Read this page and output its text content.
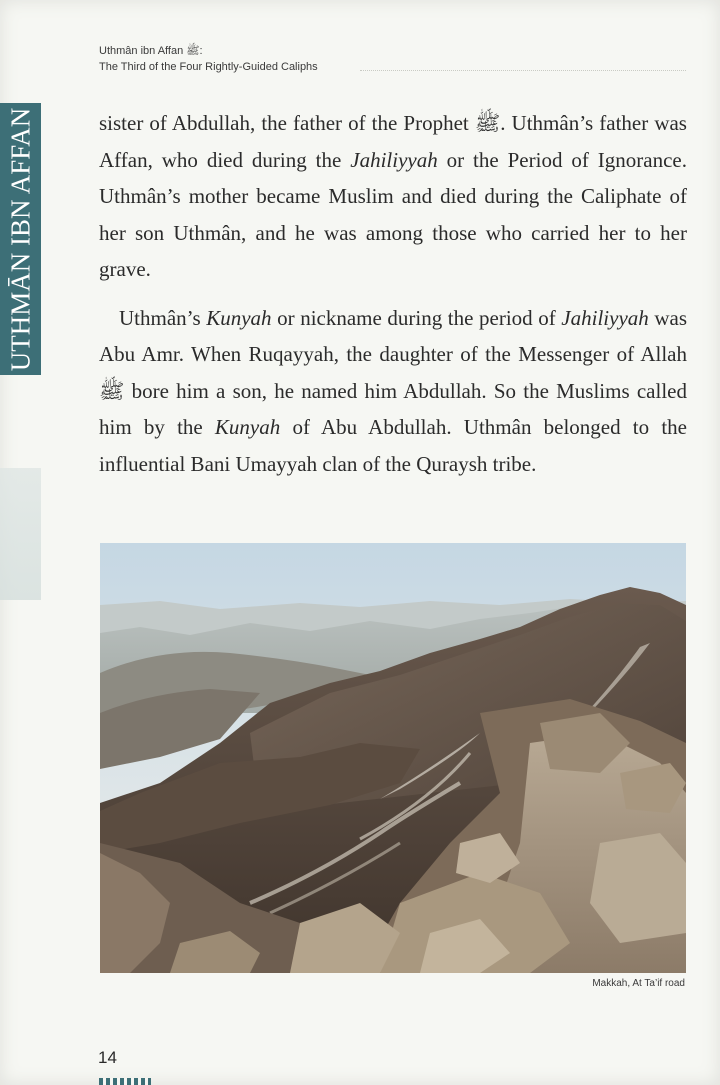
Uthmân ibn Affan ﷺ:
The Third of the Four Rightly-Guided Caliphs
UTHMĀN IBN AFFAN	sister of Abdullah, the father of the Prophet ﷺ. Uthmân’s father was Affan, who died during the Jahiliyyah or the Period of Ignorance. Uthmân’s mother became Muslim and died during the Caliphate of her son Uthmân, and he was among those who carried her to her grave.

Uthmân’s Kunyah or nickname during the period of Jahiliyyah was Abu Amr. When Ruqayyah, the daughter of the Messenger of Allah ﷺ bore him a son, he named him Abdullah. So the Muslims called him by the Kunyah of Abu Abdullah. Uthmân belonged to the influential Bani Umayyah clan of the Quraysh tribe.

Makkah, At Ta’if road
14
